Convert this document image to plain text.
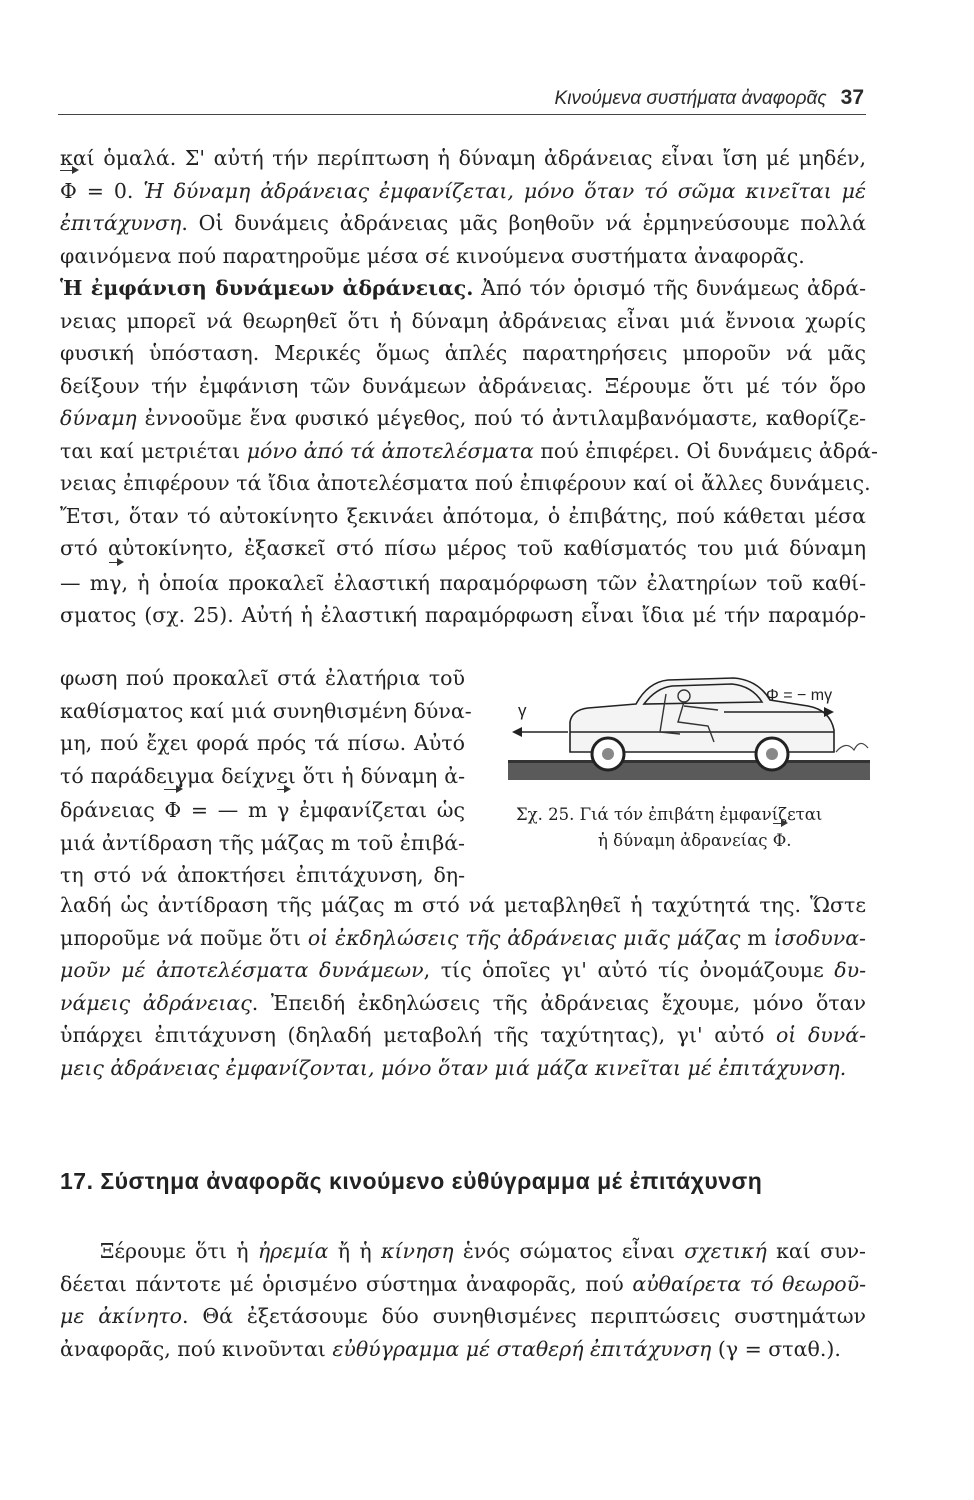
Κινούμενα συστήματα ἀναφορᾶς 37
καί ὁμαλά. Σ' αὐτή τήν περίπτωση ἡ δύναμη ἀδράνειας εἶναι ἴση μέ μηδέν,
Φ = 0. Ἡ δύναμη ἀδράνειας ἐμφανίζεται, μόνο ὅταν τό σῶμα κινεῖται μέ
ἐπιτάχυνση. Οἱ δυνάμεις ἀδράνειας μᾶς βοηθοῦν νά ἑρμηνεύσουμε πολλά
φαινόμενα πού παρατηροῦμε μέσα σέ κινούμενα συστήματα ἀναφορᾶς.
Ἡ ἐμφάνιση δυνάμεων ἀδράνειας. Ἀπό τόν ὁρισμό τῆς δυνάμεως ἀδρά-
νειας μπορεῖ νά θεωρηθεῖ ὅτι ἡ δύναμη ἀδράνειας εἶναι μιά ἔννοια χωρίς
φυσική ὑπόσταση. Μερικές ὅμως ἁπλές παρατηρήσεις μποροῦν νά μᾶς
δείξουν τήν ἐμφάνιση τῶν δυνάμεων ἀδράνειας. Ξέρουμε ὅτι μέ τόν ὅρο
δύναμη ἐννοοῦμε ἕνα φυσικό μέγεθος, πού τό ἀντιλαμβανόμαστε, καθορίζε-
ται καί μετριέται μόνο ἀπό τά ἀποτελέσματα πού ἐπιφέρει. Οἱ δυνάμεις ἀδρά-
νειας ἐπιφέρουν τά ἴδια ἀποτελέσματα πού ἐπιφέρουν καί οἱ ἄλλες δυνάμεις.
Ἔτσι, ὅταν τό αὐτοκίνητο ξεκινάει ἀπότομα, ὁ ἐπιβάτης, πού κάθεται μέσα
στό αὐτοκίνητο, ἐξασκεῖ στό πίσω μέρος τοῦ καθίσματός του μιά δύναμη
— mγ, ἡ ὁποία προκαλεῖ ἐλαστική παραμόρφωση τῶν ἐλατηρίων τοῦ καθί-
σματος (σχ. 25). Αὐτή ἡ ἐλαστική παραμόρφωση εἶναι ἴδια μέ τήν παραμόρ-
φωση πού προκαλεῖ στά ἐλατήρια τοῦ
καθίσματος καί μιά συνηθισμένη δύνα-
μη, πού ἔχει φορά πρός τά πίσω. Αὐτό
τό παράδειγμα δείχνει ὅτι ἡ δύναμη ἀ-
δράνειας Φ = — m γ ἐμφανίζεται ὡς
μιά ἀντίδραση τῆς μάζας m τοῦ ἐπιβά-
τη στό νά ἀποκτήσει ἐπιτάχυνση, δη-
γ
Φ = − mγ
Σχ. 25. Γιά τόν ἐπιβάτη ἐμφανίζεται
ἡ δύναμη ἀδρανείας Φ.
λαδή ὡς ἀντίδραση τῆς μάζας m στό νά μεταβληθεῖ ἡ ταχύτητά της. Ὥστε
μποροῦμε νά ποῦμε ὅτι οἱ ἐκδηλώσεις τῆς ἀδράνειας μιᾶς μάζας m ἰσοδυνα-
μοῦν μέ ἀποτελέσματα δυνάμεων, τίς ὁποῖες γι' αὐτό τίς ὀνομάζουμε δυ-
νάμεις ἀδράνειας. Ἐπειδή ἐκδηλώσεις τῆς ἀδράνειας ἔχουμε, μόνο ὅταν
ὑπάρχει ἐπιτάχυνση (δηλαδή μεταβολή τῆς ταχύτητας), γι' αὐτό οἱ δυνά-
μεις ἀδράνειας ἐμφανίζονται, μόνο ὅταν μιά μάζα κινεῖται μέ ἐπιτάχυνση.
17. Σύστημα ἀναφορᾶς κινούμενο εὐθύγραμμα μέ ἐπιτάχυνση
Ξέρουμε ὅτι ἡ ἠρεμία ἤ ἡ κίνηση ἑνός σώματος εἶναι σχετική καί συν-
δέεται πάντοτε μέ ὁρισμένο σύστημα ἀναφορᾶς, πού αὐθαίρετα τό θεωροῦ-
με ἀκίνητο. Θά ἐξετάσουμε δύο συνηθισμένες περιπτώσεις συστημάτων
ἀναφορᾶς, πού κινοῦνται εὐθύγραμμα μέ σταθερή ἐπιτάχυνση (γ = σταθ.).
